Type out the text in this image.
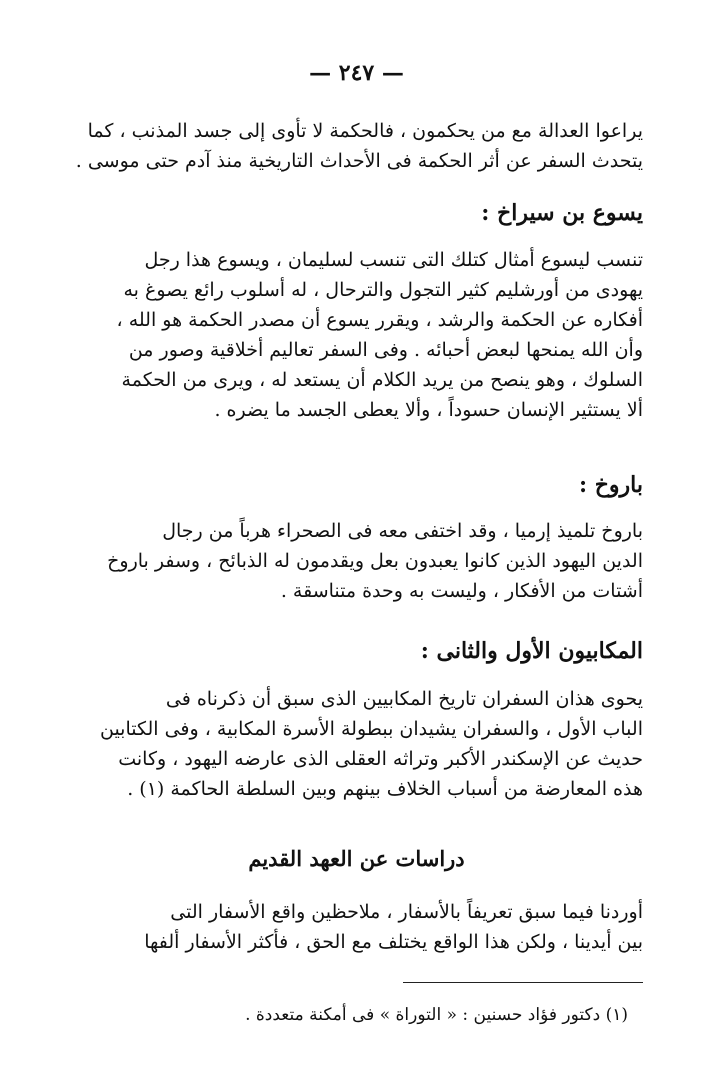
— ٢٤٧ —
يراعوا العدالة مع من يحكمون ، فالحكمة لا تأوى إلى جسد المذنب ، كما
يتحدث السفر عن أثر الحكمة فى الأحداث التاريخية منذ آدم حتى موسى .
يسوع بن سيراخ :
تنسب ليسوع أمثال كتلك التى تنسب لسليمان ، ويسوع هذا رجل
يهودى من أورشليم كثير التجول والترحال ، له أسلوب رائع يصوغ به
أفكاره عن الحكمة والرشد ، ويقرر يسوع أن مصدر الحكمة هو الله ،
وأن الله يمنحها لبعض أحبائه . وفى السفر تعاليم أخلاقية وصور من
السلوك ، وهو ينصح من يريد الكلام أن يستعد له ، ويرى من الحكمة
ألا يستثير الإنسان حسوداً ، وألا يعطى الجسد ما يضره .
باروخ :
باروخ تلميذ إرميا ، وقد اختفى معه فى الصحراء هرباً من رجال
الدين اليهود الذين كانوا يعبدون بعل ويقدمون له الذبائح ، وسفر باروخ
أشتات من الأفكار ، وليست به وحدة متناسقة .
المكابيون الأول والثانى :
يحوى هذان السفران تاريخ المكابيين الذى سبق أن ذكرناه فى
الباب الأول ، والسفران يشيدان ببطولة الأسرة المكابية ، وفى الكتابين
حديث عن الإسكندر الأكبر وتراثه العقلى الذى عارضه اليهود ، وكانت
هذه المعارضة من أسباب الخلاف بينهم وبين السلطة الحاكمة (١) .
دراسات عن العهد القديم
أوردنا فيما سبق تعريفاً بالأسفار ، ملاحظين واقع الأسفار التى
بين أيدينا ، ولكن هذا الواقع يختلف مع الحق ، فأكثر الأسفار ألفها
(١) دكتور فؤاد حسنين : « التوراة » فى أمكنة متعددة .
